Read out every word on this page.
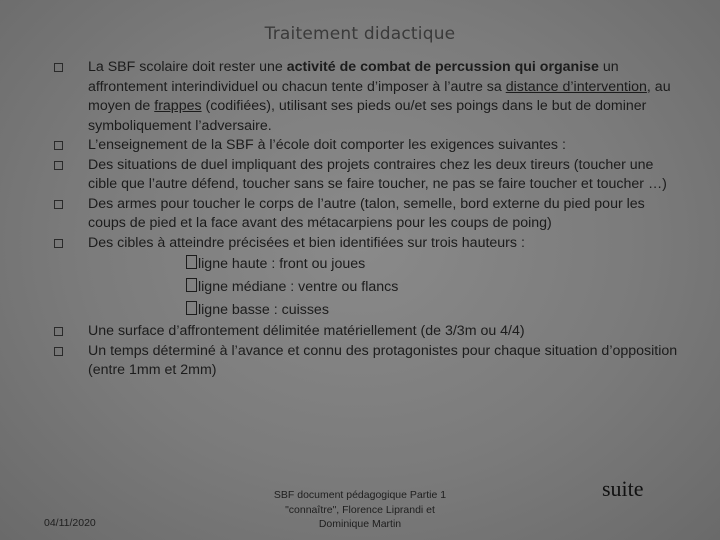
Traitement didactique
La SBF scolaire doit rester une activité de combat de percussion qui organise un affrontement interindividuel ou chacun tente d’imposer à l’autre sa distance d’intervention, au moyen de frappes (codifiées), utilisant ses pieds ou/et ses poings dans le but de dominer symboliquement l’adversaire.
L’enseignement de la SBF à l’école doit comporter les exigences suivantes :
Des situations de duel impliquant des projets contraires chez les deux tireurs (toucher une cible que l’autre défend, toucher sans se faire toucher, ne pas se faire toucher et toucher …)
Des armes pour toucher le corps de l’autre (talon, semelle, bord externe du pied pour les coups de pied et la face avant des métacarpiens pour les coups de poing)
Des cibles à atteindre précisées et bien identifiées sur trois hauteurs :
ligne haute : front ou joues
ligne médiane : ventre ou flancs
ligne basse : cuisses
Une surface d’affrontement délimitée matériellement (de 3/3m ou 4/4)
Un temps déterminé à l’avance et connu des protagonistes pour chaque situation d’opposition (entre 1mm et 2mm)
04/11/2020
SBF document pédagogique Partie 1
"connaître", Florence Liprandi et
Dominique Martin
suite
